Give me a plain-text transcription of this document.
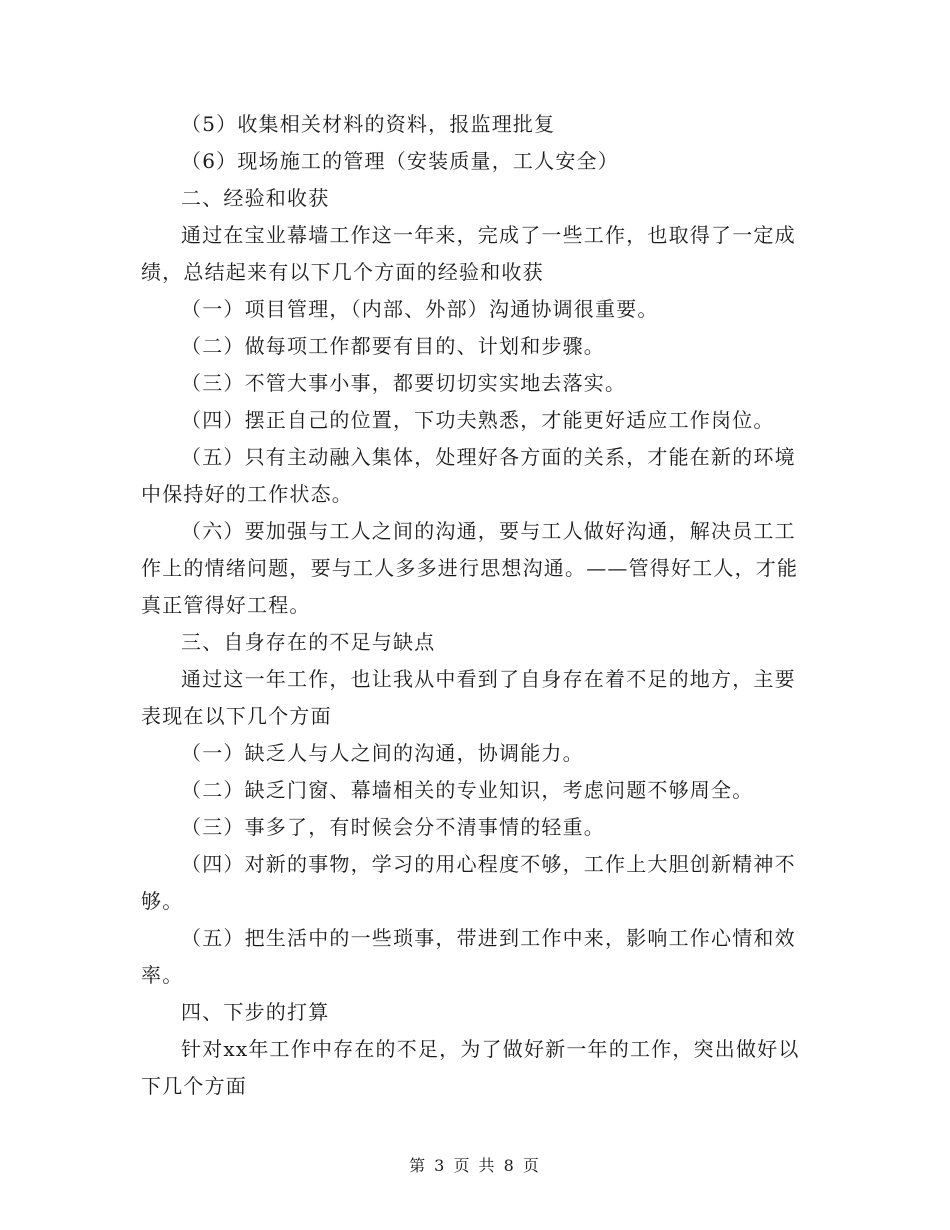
（5）收集相关材料的资料，报监理批复

（6）现场施工的管理（安装质量，工人安全）

二、经验和收获

通过在宝业幕墙工作这一年来，完成了一些工作，也取得了一定成绩，总结起来有以下几个方面的经验和收获

（一）项目管理，（内部、外部）沟通协调很重要。

（二）做每项工作都要有目的、计划和步骤。

（三）不管大事小事，都要切切实实地去落实。

（四）摆正自己的位置，下功夫熟悉，才能更好适应工作岗位。

（五）只有主动融入集体，处理好各方面的关系，才能在新的环境中保持好的工作状态。

（六）要加强与工人之间的沟通，要与工人做好沟通，解决员工工作上的情绪问题，要与工人多多进行思想沟通。——管得好工人，才能真正管得好工程。

三、自身存在的不足与缺点

通过这一年工作，也让我从中看到了自身存在着不足的地方，主要表现在以下几个方面

（一）缺乏人与人之间的沟通，协调能力。

（二）缺乏门窗、幕墙相关的专业知识，考虑问题不够周全。

（三）事多了，有时候会分不清事情的轻重。

（四）对新的事物，学习的用心程度不够，工作上大胆创新精神不够。

（五）把生活中的一些琐事，带进到工作中来，影响工作心情和效率。

四、下步的打算

针对xx年工作中存在的不足，为了做好新一年的工作，突出做好以下几个方面

第 3 页 共 8 页
